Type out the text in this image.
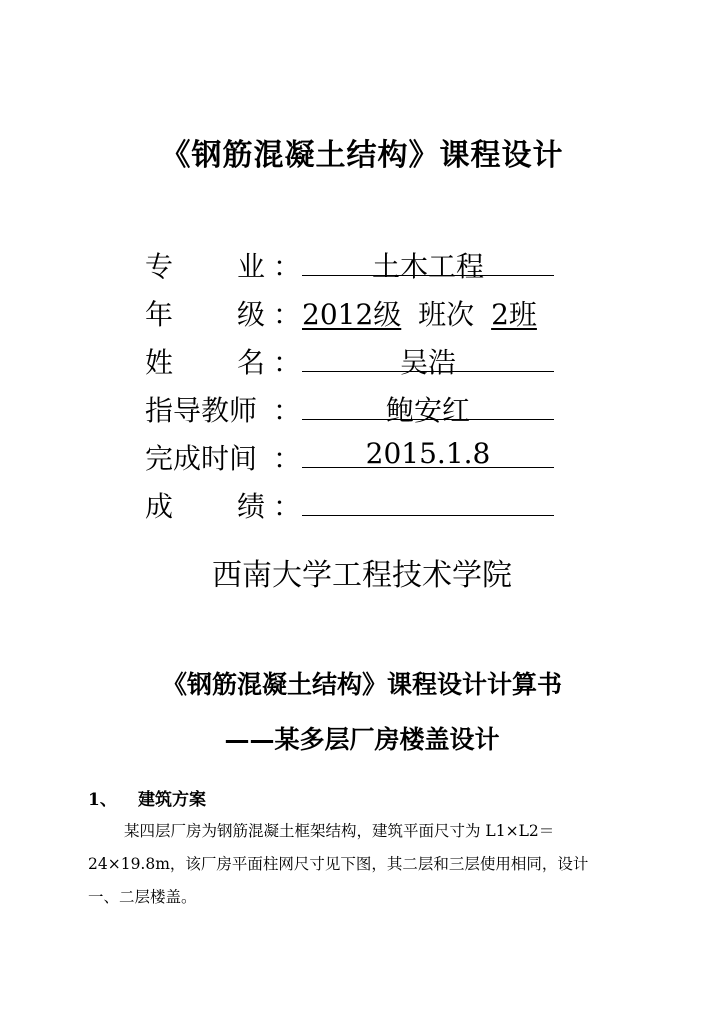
《钢筋混凝土结构》课程设计
专 业 ：	土木工程
年 级 ： 2012级 班次 2班
姓 名 ：	吴浩
指导教师 ：	鲍安红
完成时间 ：	2015.1.8
成 绩 ：
西南大学工程技术学院
《钢筋混凝土结构》课程设计计算书
——某多层厂房楼盖设计
1、 建筑方案
某四层厂房为钢筋混凝土框架结构，建筑平面尺寸为 L1×L2＝
24×19.8m，该厂房平面柱网尺寸见下图，其二层和三层使用相同，设计
一、二层楼盖。
